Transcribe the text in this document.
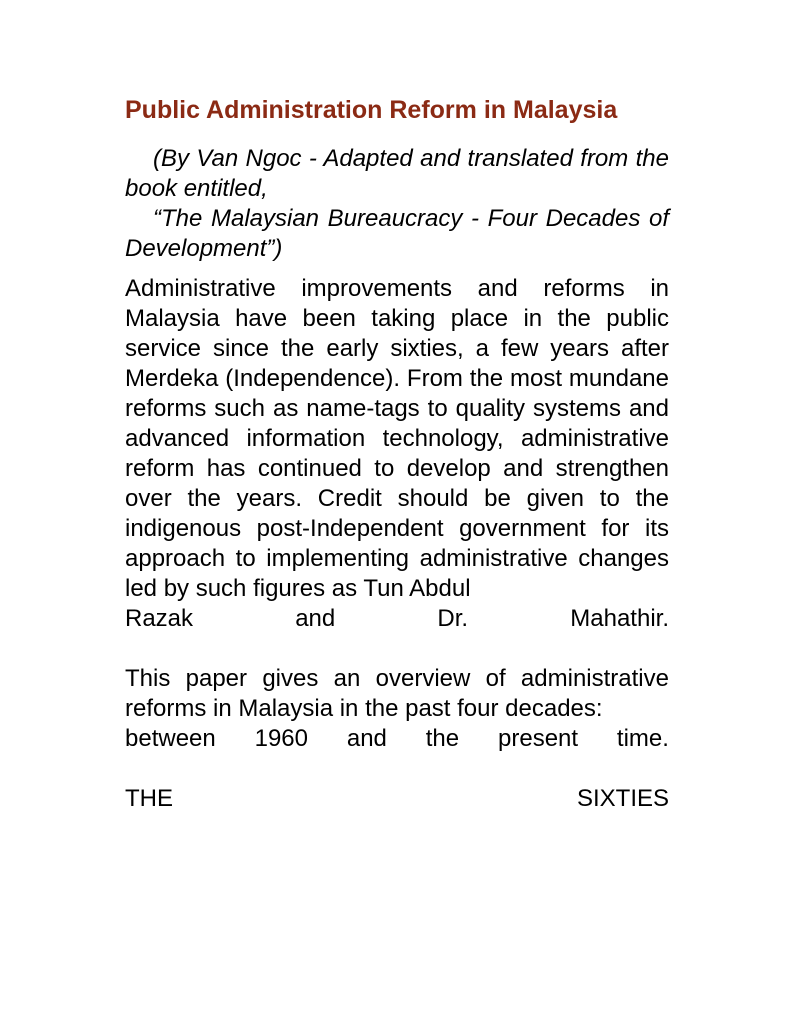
Public Administration Reform in Malaysia

(By Van Ngoc - Adapted and translated from the book entitled,
“The Malaysian Bureaucracy - Four Decades of Development”)

Administrative improvements and reforms in Malaysia have been taking place in the public service since the early sixties, a few years after Merdeka (Independence). From the most mundane reforms such as name-tags to quality systems and advanced information technology, administrative reform has continued to develop and strengthen over the years. Credit should be given to the indigenous post-Independent government for its approach to implementing administrative changes led by such figures as Tun Abdul

Razak	and	Dr.	Mahathir.

This paper gives an overview of administrative reforms in Malaysia in the past four decades:

between 1960 and the present time.
THE	SIXTIES
